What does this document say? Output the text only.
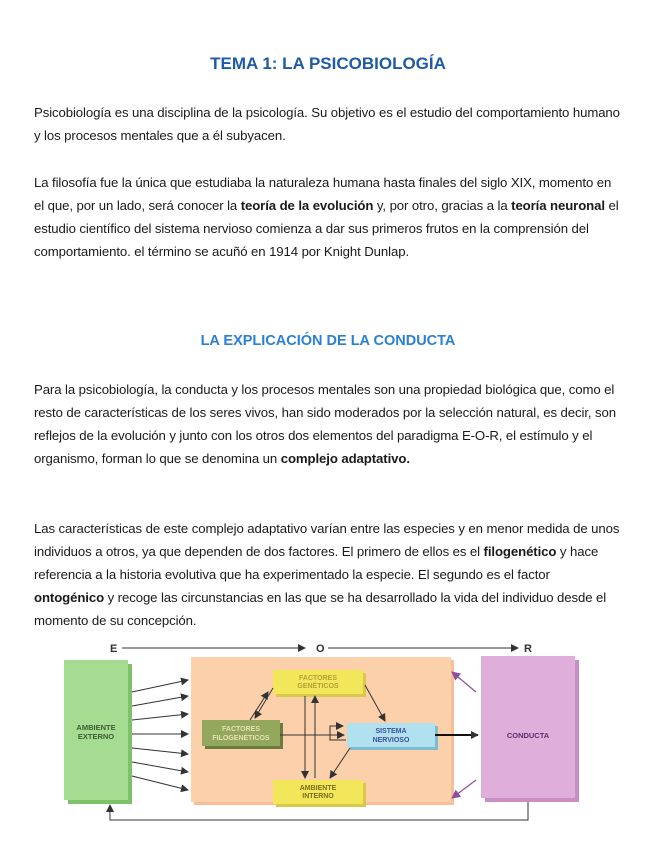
TEMA 1: LA PSICOBIOLOGÍA

Psicobiología es una disciplina de la psicología. Su objetivo es el estudio del comportamiento humano y los procesos mentales que a él subyacen.

La filosofía fue la única que estudiaba la naturaleza humana hasta finales del siglo XIX, momento en el que, por un lado, será conocer la teoría de la evolución y, por otro, gracias a la teoría neuronal el estudio científico del sistema nervioso comienza a dar sus primeros frutos en la comprensión del comportamiento. el término se acuñó en 1914 por Knight Dunlap.

LA EXPLICACIÓN DE LA CONDUCTA

Para la psicobiología, la conducta y los procesos mentales son una propiedad biológica que, como el resto de características de los seres vivos, han sido moderados por la selección natural, es decir, son reflejos de la evolución y junto con los otros dos elementos del paradigma E-O-R, el estímulo y el organismo, forman lo que se denomina un complejo adaptativo.

Las características de este complejo adaptativo varían entre las especies y en menor medida de unos individuos a otros, ya que dependen de dos factores. El primero de ellos es el filogenético y hace referencia a la historia evolutiva que ha experimentado la especie. El segundo es el factor ontogénico y recoge las circunstancias en las que se ha desarrollado la vida del individuo desde el momento de su concepción.

E	O	R
AMBIENTE
EXTERNO
FACTORES
GENÉTICOS
FACTORES
FILOGENÉTICOS
SISTEMA
NERVIOSO
AMBIENTE
INTERNO
CONDUCTA
